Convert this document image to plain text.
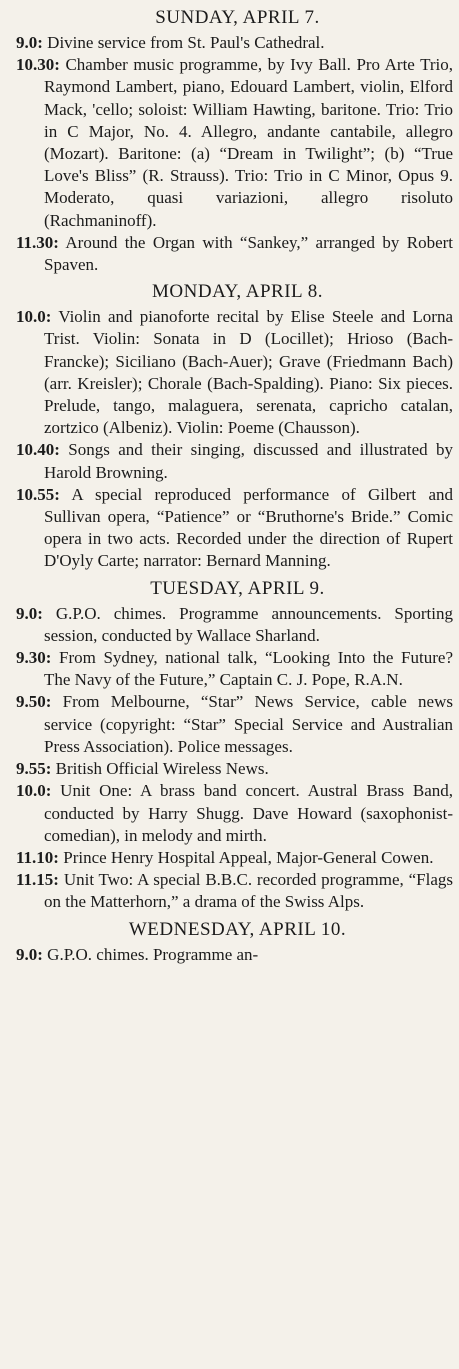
SUNDAY, APRIL 7.

9.0: Divine service from St. Paul's Cathedral.

10.30: Chamber music programme, by Ivy Ball. Pro Arte Trio, Raymond Lambert, piano, Edouard Lambert, violin, Elford Mack, 'cello; soloist: William Hawting, baritone. Trio: Trio in C Major, No. 4. Allegro, andante cantabile, allegro (Mozart). Baritone: (a) “Dream in Twilight”; (b) “True Love's Bliss” (R. Strauss). Trio: Trio in C Minor, Opus 9. Moderato, quasi variazioni, allegro risoluto (Rachmaninoff).

11.30: Around the Organ with “Sankey,” arranged by Robert Spaven.

MONDAY, APRIL 8.

10.0: Violin and pianoforte recital by Elise Steele and Lorna Trist. Violin: Sonata in D (Locillet); Hrioso (Bach-Francke); Siciliano (Bach-Auer); Grave (Friedmann Bach) (arr. Kreisler); Chorale (Bach-Spalding). Piano: Six pieces. Prelude, tango, malaguera, serenata, capricho catalan, zortzico (Albeniz). Violin: Poeme (Chausson).

10.40: Songs and their singing, discussed and illustrated by Harold Browning.

10.55: A special reproduced performance of Gilbert and Sullivan opera, “Patience” or “Bruthorne's Bride.” Comic opera in two acts. Recorded under the direction of Rupert D'Oyly Carte; narrator: Bernard Manning.

TUESDAY, APRIL 9.

9.0: G.P.O. chimes. Programme announcements. Sporting session, conducted by Wallace Sharland.

9.30: From Sydney, national talk, “Looking Into the Future? The Navy of the Future,” Captain C. J. Pope, R.A.N.

9.50: From Melbourne, “Star” News Service, cable news service (copyright: “Star” Special Service and Australian Press Association). Police messages.

9.55: British Official Wireless News.

10.0: Unit One: A brass band concert. Austral Brass Band, conducted by Harry Shugg. Dave Howard (saxophonist-comedian), in melody and mirth.

11.10: Prince Henry Hospital Appeal, Major-General Cowen.

11.15: Unit Two: A special B.B.C. recorded programme, “Flags on the Matterhorn,” a drama of the Swiss Alps.

WEDNESDAY, APRIL 10.

9.0: G.P.O. chimes. Programme an-
